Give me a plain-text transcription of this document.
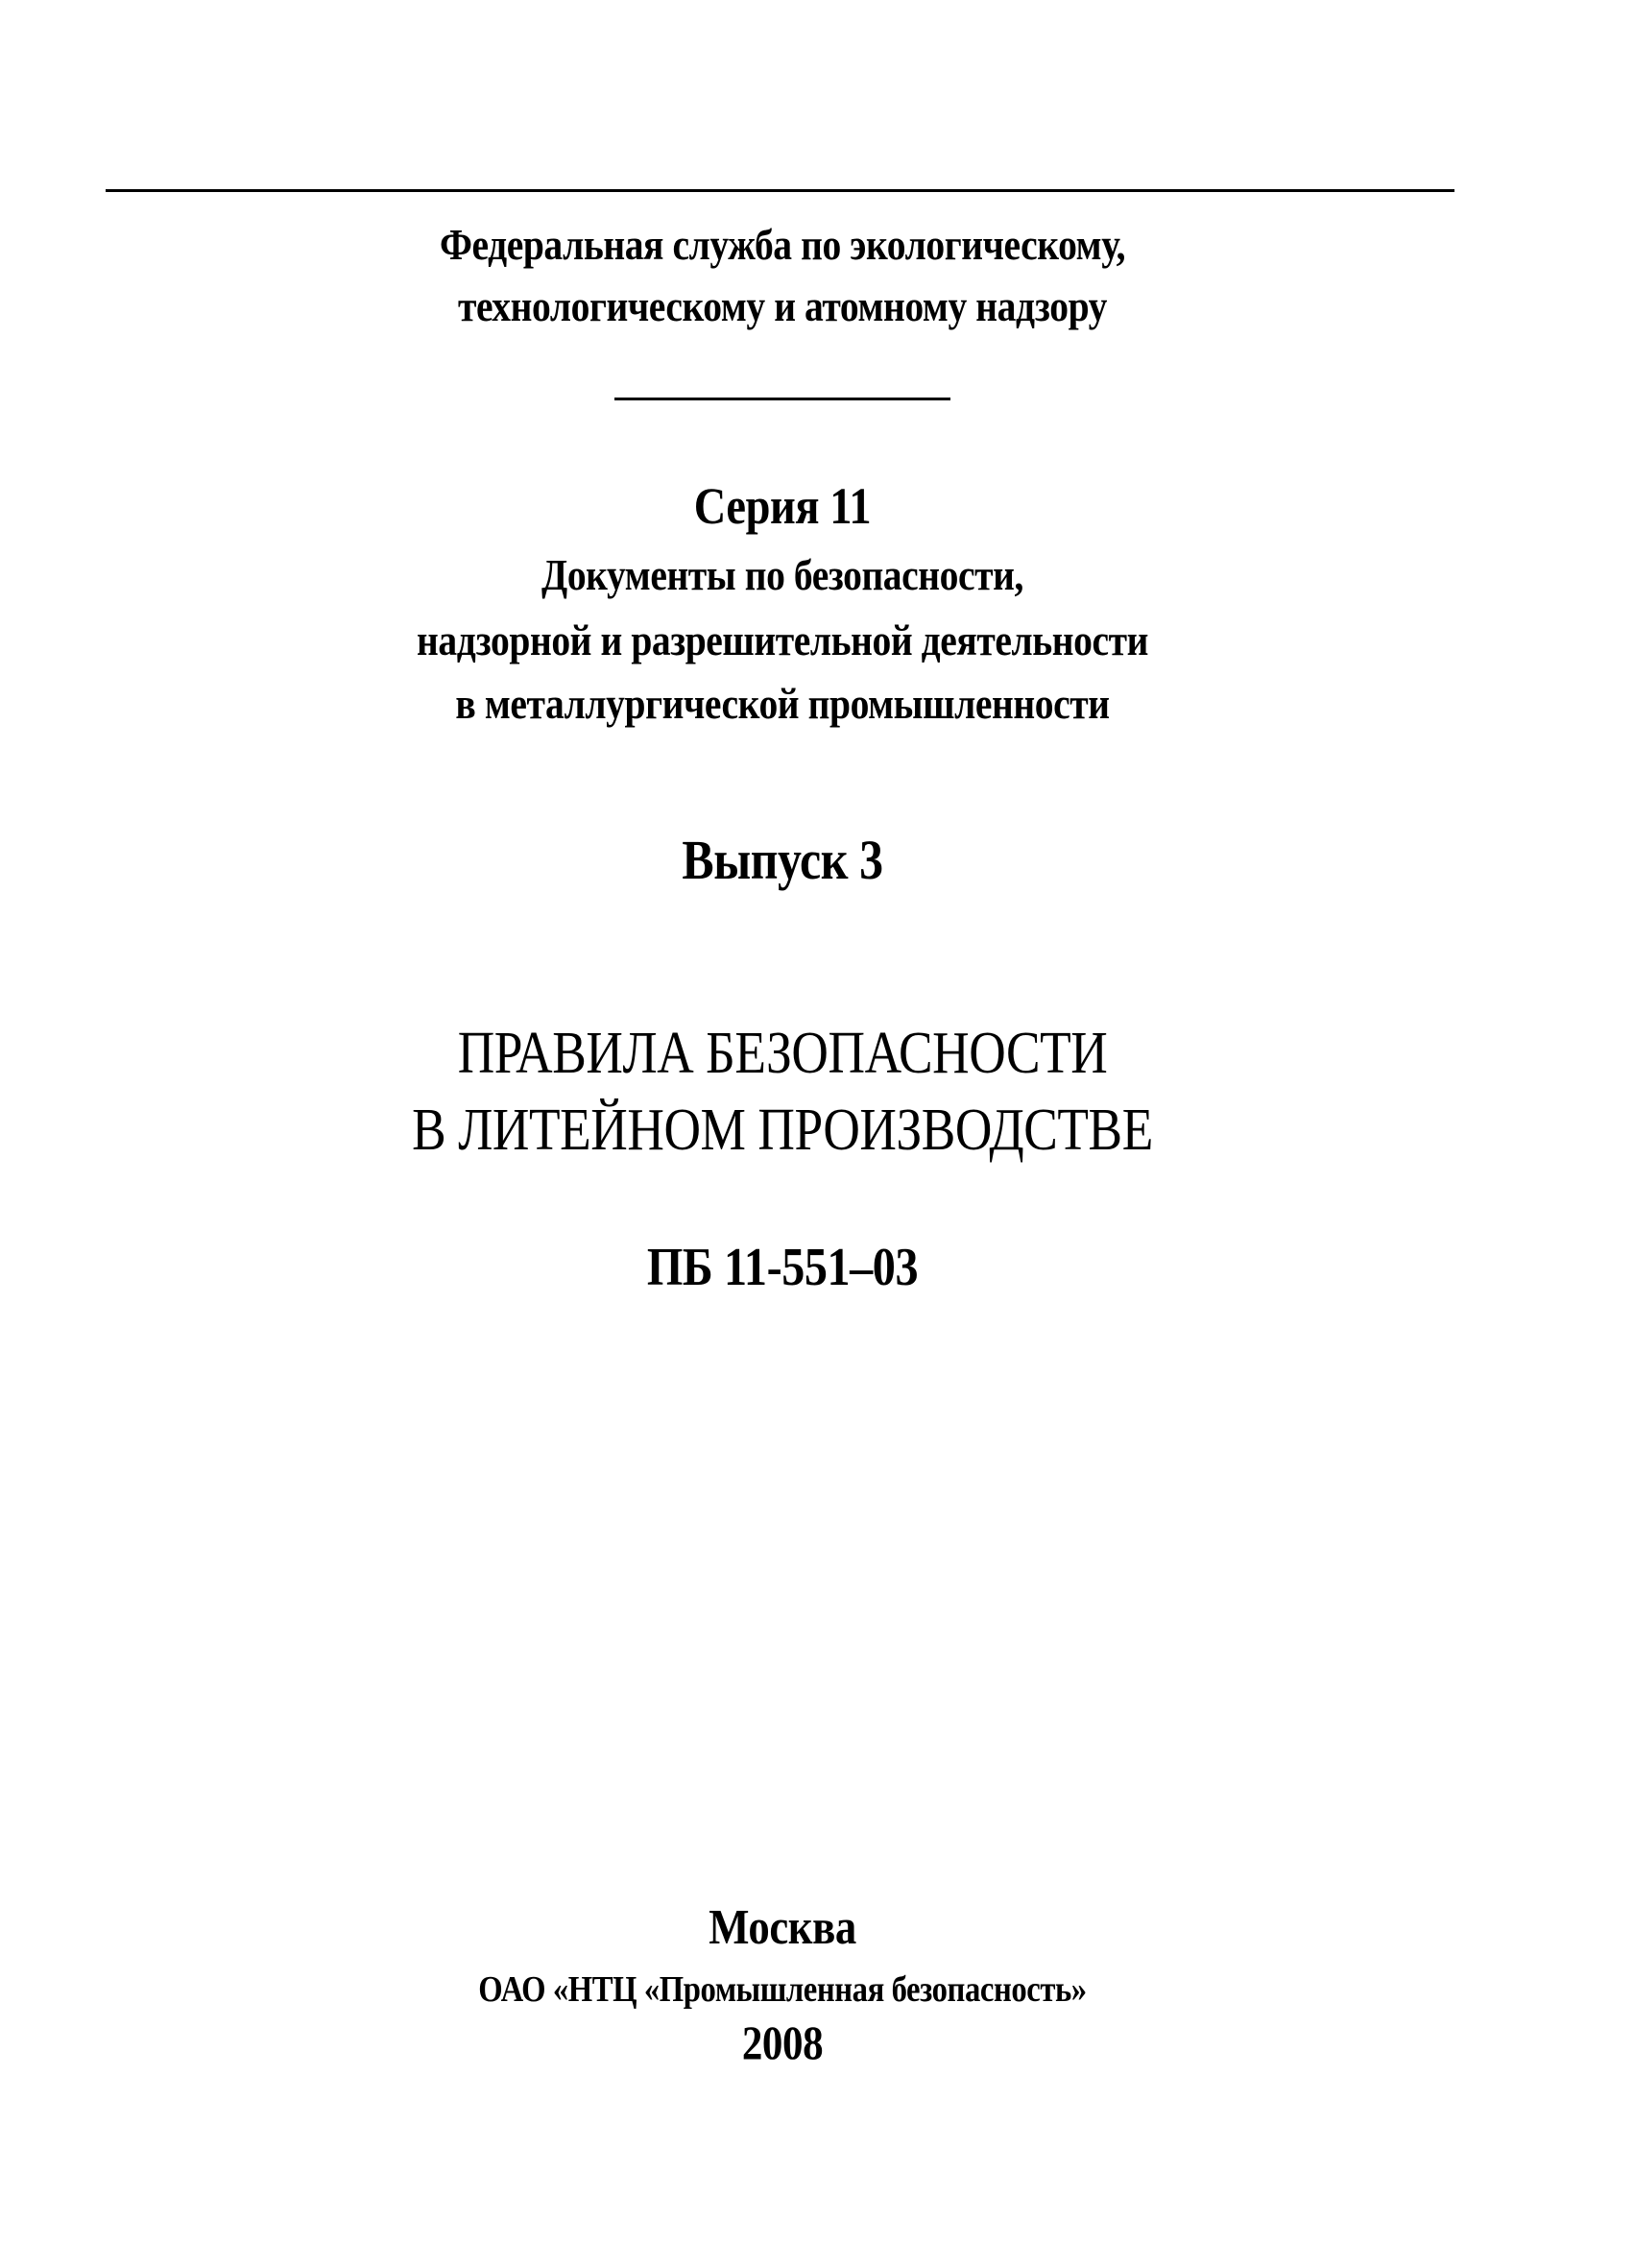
Федеральная служба по экологическому,
технологическому и атомному надзору
Серия 11
Документы по безопасности,
надзорной и разрешительной деятельности
в металлургической промышленности
Выпуск 3
ПРАВИЛА БЕЗОПАСНОСТИ
В ЛИТЕЙНОМ ПРОИЗВОДСТВЕ
ПБ 11-551–03
Москва
ОАО «НТЦ «Промышленная безопасность»
2008
